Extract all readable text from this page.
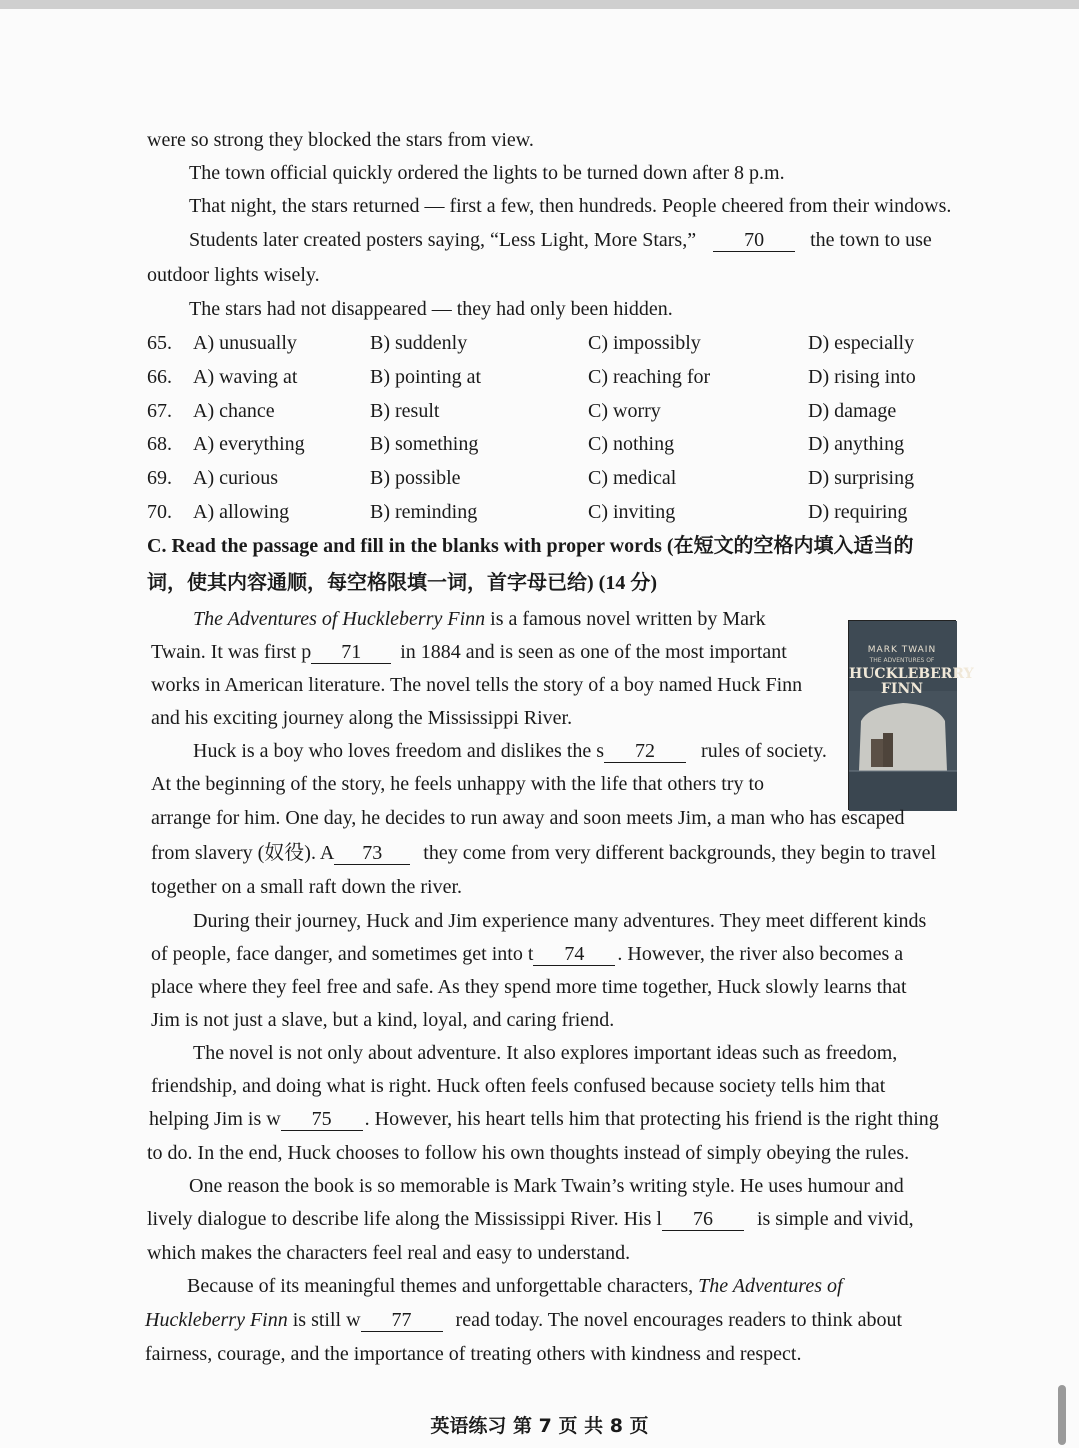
were so strong they blocked the stars from view.
The town official quickly ordered the lights to be turned down after 8 p.m.
That night, the stars returned — first a few, then hundreds. People cheered from their windows.
Students later created posters saying, “Less Light, More Stars,” 70 the town to use
outdoor lights wisely.
The stars had not disappeared — they had only been hidden.
65. A) unusually	B) suddenly	C) impossibly	D) especially
66. A) waving at	B) pointing at	C) reaching for	D) rising into
67. A) chance	B) result	C) worry	D) damage
68. A) everything	B) something	C) nothing	D) anything
69. A) curious	B) possible	C) medical	D) surprising
70. A) allowing	B) reminding	C) inviting	D) requiring
C. Read the passage and fill in the blanks with proper words (在短文的空格内填入适当的
词，使其内容通顺，每空格限填一词，首字母已给) (14 分)
MARK TWAIN
THE ADVENTURES OF
HUCKLEBERRY
FINN
The Adventures of Huckleberry Finn is a famous novel written by Mark
Twain. It was first p 71 in 1884 and is seen as one of the most important
works in American literature. The novel tells the story of a boy named Huck Finn
and his exciting journey along the Mississippi River.
Huck is a boy who loves freedom and dislikes the s 72 rules of society.
At the beginning of the story, he feels unhappy with the life that others try to
arrange for him. One day, he decides to run away and soon meets Jim, a man who has escaped
from slavery (奴役). A 73 they come from very different backgrounds, they begin to travel
together on a small raft down the river.
During their journey, Huck and Jim experience many adventures. They meet different kinds
of people, face danger, and sometimes get into t 74 . However, the river also becomes a
place where they feel free and safe. As they spend more time together, Huck slowly learns that
Jim is not just a slave, but a kind, loyal, and caring friend.
The novel is not only about adventure. It also explores important ideas such as freedom,
friendship, and doing what is right. Huck often feels confused because society tells him that
helping Jim is w 75 . However, his heart tells him that protecting his friend is the right thing
to do. In the end, Huck chooses to follow his own thoughts instead of simply obeying the rules.
One reason the book is so memorable is Mark Twain’s writing style. He uses humour and
lively dialogue to describe life along the Mississippi River. His l 76 is simple and vivid,
which makes the characters feel real and easy to understand.
Because of its meaningful themes and unforgettable characters, The Adventures of
Huckleberry Finn is still w 77 read today. The novel encourages readers to think about
fairness, courage, and the importance of treating others with kindness and respect.
英语练习 第 7 页 共 8 页
